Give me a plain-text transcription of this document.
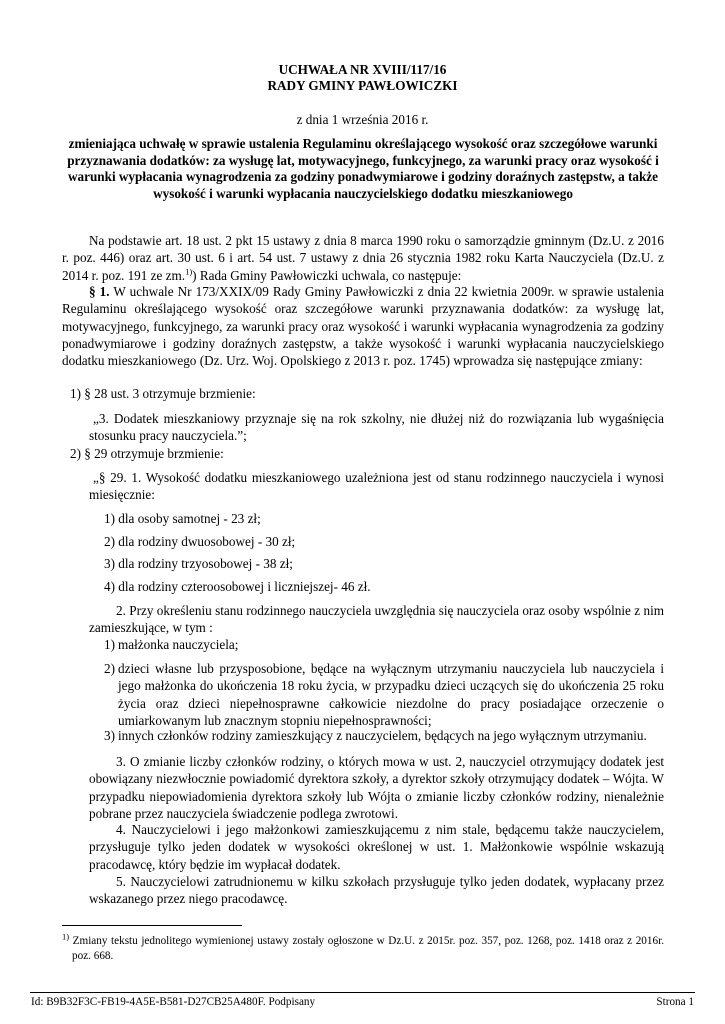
UCHWAŁA NR XVIII/117/16
RADY GMINY PAWŁOWICZKI
z dnia 1 września 2016 r.
zmieniająca uchwałę w sprawie ustalenia Regulaminu określającego wysokość oraz szczegółowe warunki przyznawania dodatków: za wysługę lat, motywacyjnego, funkcyjnego, za warunki pracy oraz wysokość i warunki wypłacania wynagrodzenia za godziny ponadwymiarowe i godziny doraźnych zastępstw, a także wysokość i warunki wypłacania nauczycielskiego dodatku mieszkaniowego

Na podstawie art. 18 ust. 2 pkt 15 ustawy z dnia 8 marca 1990 roku o samorządzie gminnym (Dz.U. z 2016 r. poz. 446) oraz art. 30 ust. 6 i art. 54 ust. 7 ustawy z dnia 26 stycznia 1982 roku Karta Nauczyciela (Dz.U. z 2014 r. poz. 191 ze zm.$^{1)}$) Rada Gminy Pawłowiczki uchwala, co następuje:

§ 1. W uchwale Nr 173/XXIX/09 Rady Gminy Pawłowiczki z dnia 22 kwietnia 2009r. w sprawie ustalenia Regulaminu określającego wysokość oraz szczegółowe warunki przyznawania dodatków: za wysługę lat, motywacyjnego, funkcyjnego, za warunki pracy oraz wysokość i warunki wypłacania wynagrodzenia za godziny ponadwymiarowe i godziny doraźnych zastępstw, a także wysokość i warunki wypłacania nauczycielskiego dodatku mieszkaniowego (Dz. Urz. Woj. Opolskiego z 2013 r. poz. 1745) wprowadza się następujące zmiany:

1) § 28 ust. 3 otrzymuje brzmienie:

„3. Dodatek mieszkaniowy przyznaje się na rok szkolny, nie dłużej niż do rozwiązania lub wygaśnięcia stosunku pracy nauczyciela.”;

2) § 29 otrzymuje brzmienie:

„§ 29. 1. Wysokość dodatku mieszkaniowego uzależniona jest od stanu rodzinnego nauczyciela i wynosi miesięcznie:

1) dla osoby samotnej - 23 zł;
2) dla rodziny dwuosobowej - 30 zł;
3) dla rodziny trzyosobowej - 38 zł;
4) dla rodziny czteroosobowej i liczniejszej- 46 zł.

2. Przy określeniu stanu rodzinnego nauczyciela uwzględnia się nauczyciela oraz osoby wspólnie z nim zamieszkujące, w tym :

1) małżonka nauczyciela;
2) dzieci własne lub przysposobione, będące na wyłącznym utrzymaniu nauczyciela lub nauczyciela i jego małżonka do ukończenia 18 roku życia, w przypadku dzieci uczących się do ukończenia 25 roku życia oraz dzieci niepełnosprawne całkowicie niezdolne do pracy posiadające orzeczenie o umiarkowanym lub znacznym stopniu niepełnosprawności;
3) innych członków rodziny zamieszkujący z nauczycielem, będących na jego wyłącznym utrzymaniu.

3. O zmianie liczby członków rodziny, o których mowa w ust. 2, nauczyciel otrzymujący dodatek jest obowiązany niezwłocznie powiadomić dyrektora szkoły, a dyrektor szkoły otrzymujący dodatek – Wójta. W przypadku niepowiadomienia dyrektora szkoły lub Wójta o zmianie liczby członków rodziny, nienależnie pobrane przez nauczyciela świadczenie podlega zwrotowi.

4. Nauczycielowi i jego małżonkowi zamieszkującemu z nim stale, będącemu także nauczycielem, przysługuje tylko jeden dodatek w wysokości określonej w ust. 1. Małżonkowie wspólnie wskazują pracodawcę, który będzie im wypłacał dodatek.

5. Nauczycielowi zatrudnionemu w kilku szkołach przysługuje tylko jeden dodatek, wypłacany przez wskazanego przez niego pracodawcę.

$^{1)}$ Zmiany tekstu jednolitego wymienionej ustawy zostały ogłoszone w Dz.U. z 2015r. poz. 357, poz. 1268, poz. 1418 oraz z 2016r. poz. 668.
Id: B9B32F3C-FB19-4A5E-B581-D27CB25A480F. Podpisany	Strona 1
